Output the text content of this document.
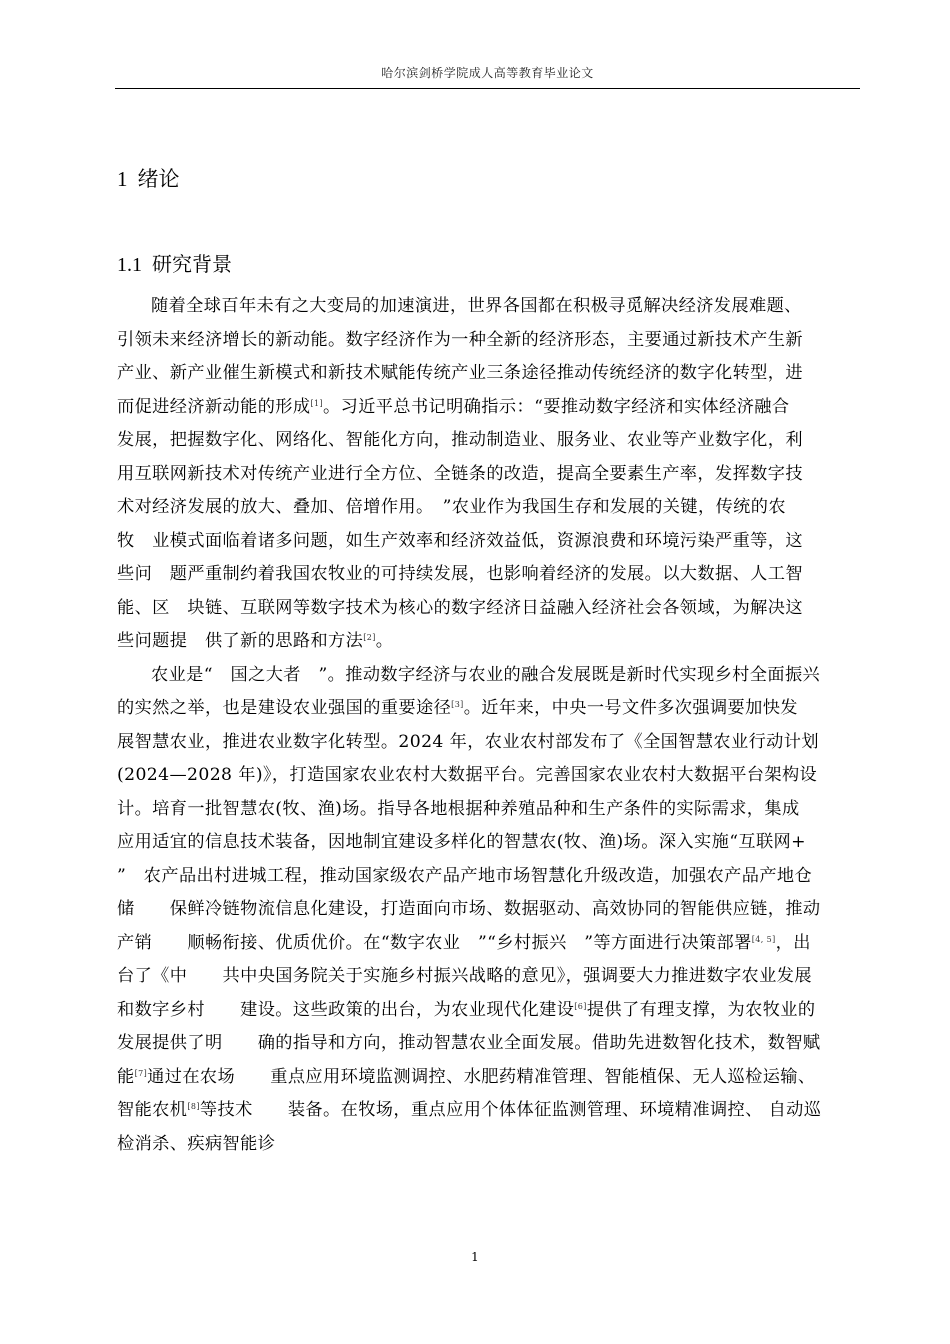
哈尔滨剑桥学院成人高等教育毕业论文
1 绪论
1.1 研究背景
随着全球百年未有之大变局的加速演进，世界各国都在积极寻觅解决经济发展难题、
引领未来经济增长的新动能。数字经济作为一种全新的经济形态，主要通过新技术产生新
产业、新产业催生新模式和新技术赋能传统产业三条途径推动传统经济的数字化转型，进
而促进经济新动能的形成[1]。习近平总书记明确指示：“要推动数字经济和实体经济融合
发展，把握数字化、网络化、智能化方向，推动制造业、服务业、农业等产业数字化，利
用互联网新技术对传统产业进行全方位、全链条的改造，提高全要素生产率，发挥数字技
术对经济发展的放大、叠加、倍增作用。　”农业作为我国生存和发展的关键，传统的农
牧　业模式面临着诸多问题，如生产效率和经济效益低，资源浪费和环境污染严重等，这
些问　题严重制约着我国农牧业的可持续发展，也影响着经济的发展。以大数据、人工智
能、区　块链、互联网等数字技术为核心的数字经济日益融入经济社会各领域，为解决这
些问题提　供了新的思路和方法[2]。
农业是“　国之大者　”。推动数字经济与农业的融合发展既是新时代实现乡村全面振兴
的实然之举，也是建设农业强国的重要途径[3]。近年来，中央一号文件多次强调要加快发
展智慧农业，推进农业数字化转型。2024 年，农业农村部发布了《全国智慧农业行动计划
(2024—2028 年)》，打造国家农业农村大数据平台。完善国家农业农村大数据平台架构设
计。培育一批智慧农(牧、渔)场。指导各地根据种养殖品种和生产条件的实际需求，集成
应用适宜的信息技术装备，因地制宜建设多样化的智慧农(牧、渔)场。深入实施“互联网+
”　农产品出村进城工程，推动国家级农产品产地市场智慧化升级改造，加强农产品产地仓
储　　保鲜冷链物流信息化建设，打造面向市场、数据驱动、高效协同的智能供应链，推动
产销　　顺畅衔接、优质优价。在“数字农业　”“乡村振兴　”等方面进行决策部署[4, 5]，出
台了《中　　共中央国务院关于实施乡村振兴战略的意见》，强调要大力推进数字农业发展
和数字乡村　　建设。这些政策的出台，为农业现代化建设[6]提供了有理支撑，为农牧业的
发展提供了明　　确的指导和方向，推动智慧农业全面发展。借助先进数智化技术，数智赋
能[7]通过在农场　　重点应用环境监测调控、水肥药精准管理、智能植保、无人巡检运输、
智能农机[8]等技术　　装备。在牧场，重点应用个体体征监测管理、环境精准调控、 自动巡
检消杀、疾病智能诊
1
